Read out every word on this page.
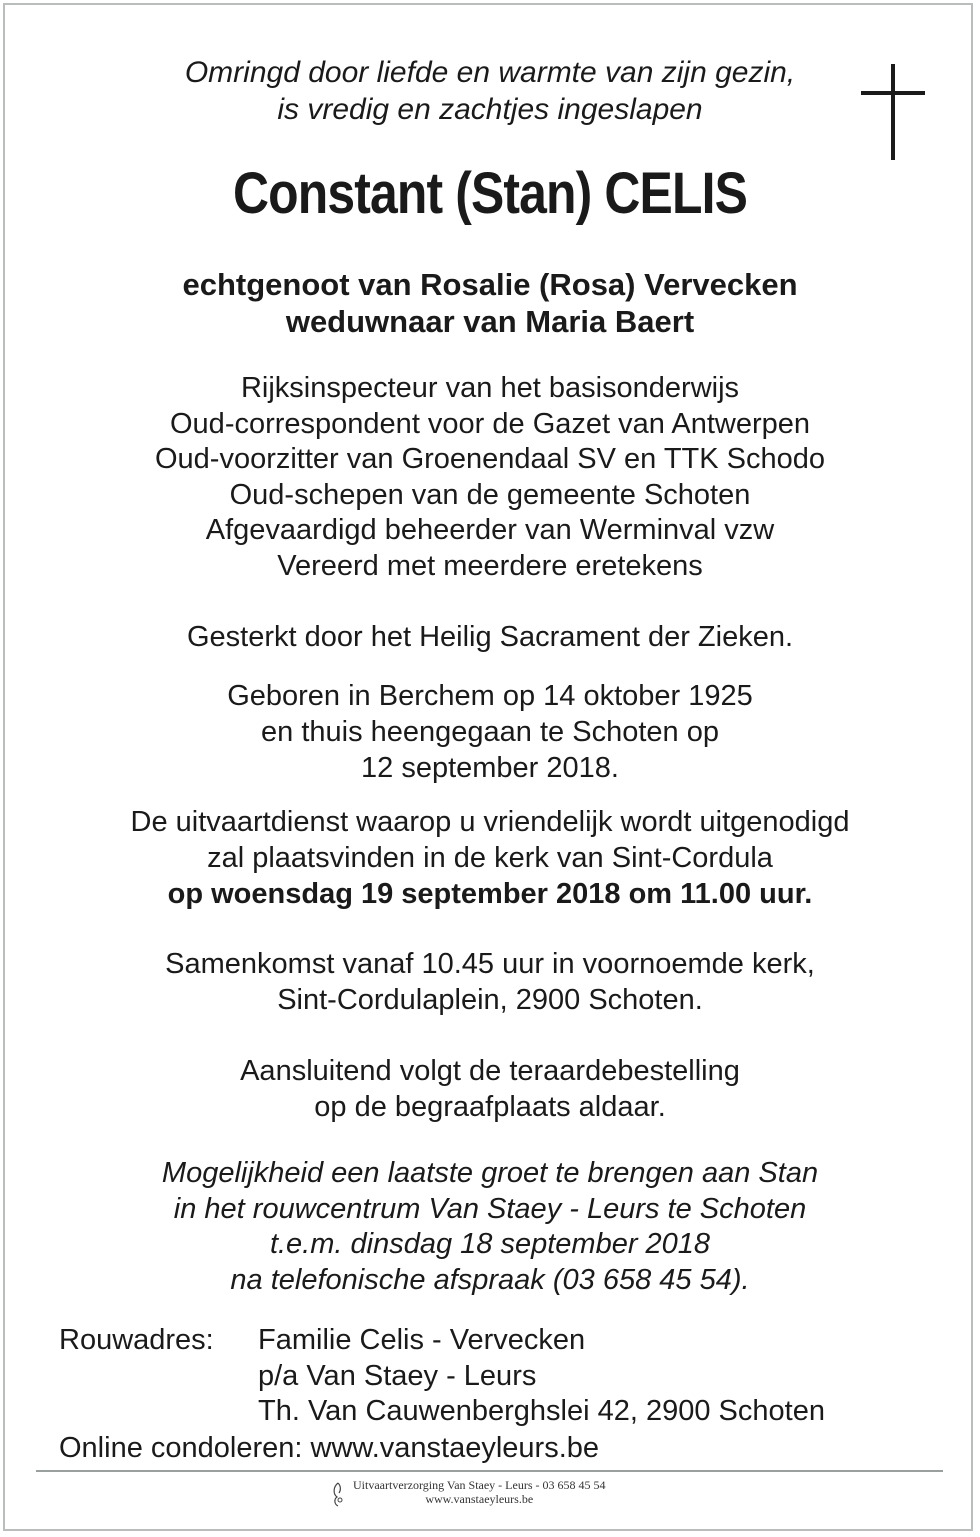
Omringd door liefde en warmte van zijn gezin,
is vredig en zachtjes ingeslapen
Constant (Stan) CELIS
echtgenoot van Rosalie (Rosa) Vervecken
weduwnaar van Maria Baert
Rijksinspecteur van het basisonderwijs
Oud-correspondent voor de Gazet van Antwerpen
Oud-voorzitter van Groenendaal SV en TTK Schodo
Oud-schepen van de gemeente Schoten
Afgevaardigd beheerder van Werminval vzw
Vereerd met meerdere eretekens
Gesterkt door het Heilig Sacrament der Zieken.
Geboren in Berchem op 14 oktober 1925
en thuis heengegaan te Schoten op
12 september 2018.
De uitvaartdienst waarop u vriendelijk wordt uitgenodigd
zal plaatsvinden in de kerk van Sint-Cordula
op woensdag 19 september 2018 om 11.00 uur.
Samenkomst vanaf 10.45 uur in voornoemde kerk,
Sint-Cordulaplein, 2900 Schoten.
Aansluitend volgt de teraardebestelling
op de begraafplaats aldaar.
Mogelijkheid een laatste groet te brengen aan Stan
in het rouwcentrum Van Staey - Leurs te Schoten
t.e.m. dinsdag 18 september 2018
na telefonische afspraak (03 658 45 54).
Rouwadres: Familie Celis - Vervecken
p/a Van Staey - Leurs
Th. Van Cauwenberghslei 42, 2900 Schoten
Online condoleren: www.vanstaeyleurs.be
Uitvaartverzorging Van Staey - Leurs - 03 658 45 54
www.vanstaeyleurs.be
